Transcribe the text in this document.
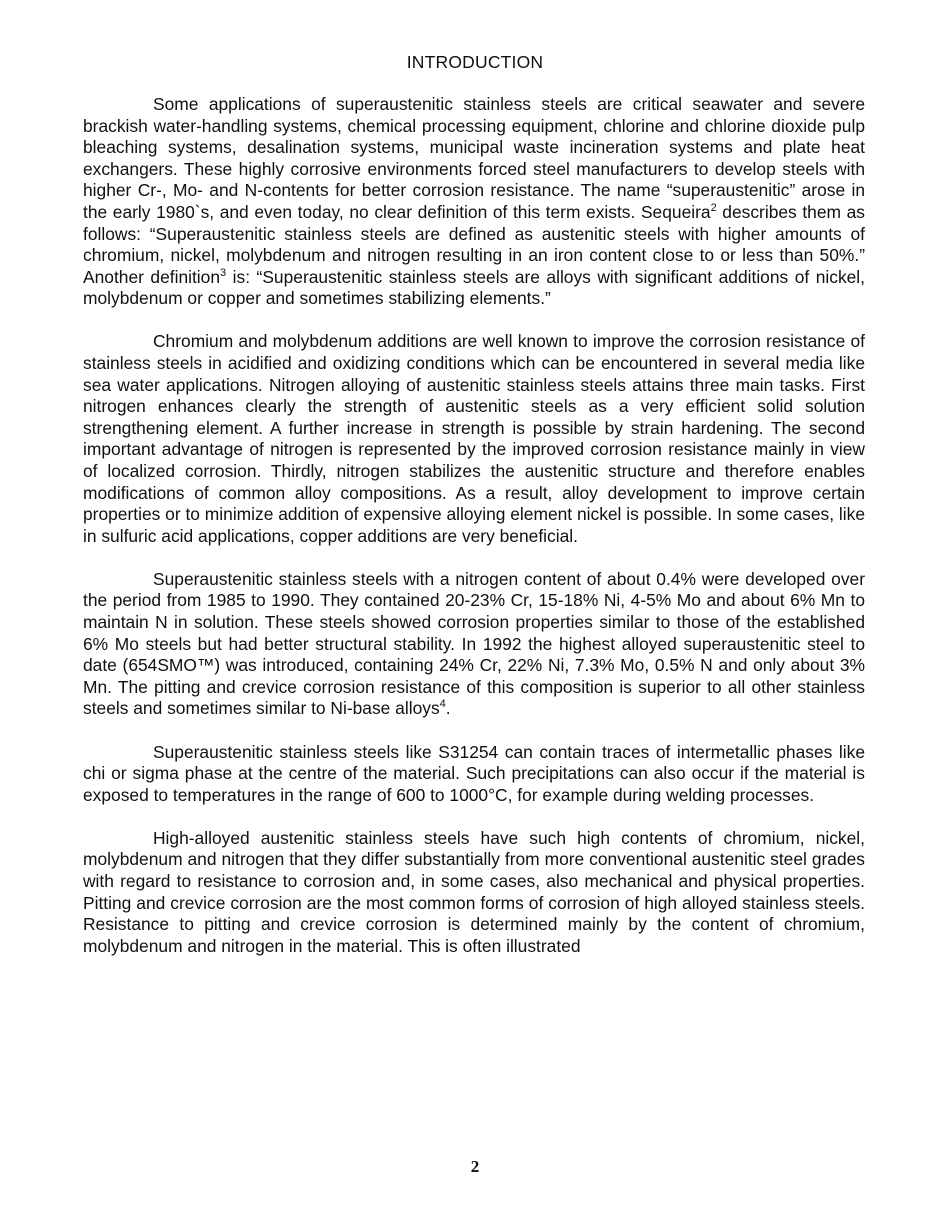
INTRODUCTION

Some applications of superaustenitic stainless steels are critical seawater and severe brackish water-handling systems, chemical processing equipment, chlorine and chlorine dioxide pulp bleaching systems, desalination systems, municipal waste incineration systems and plate heat exchangers. These highly corrosive environments forced steel manufacturers to develop steels with higher Cr-, Mo- and N-contents for better corrosion resistance. The name “superaustenitic” arose in the early 1980`s, and even today, no clear definition of this term exists. Sequeira$^2$ describes them as follows: “Superaustenitic stainless steels are defined as austenitic steels with higher amounts of chromium, nickel, molybdenum and nitrogen resulting in an iron content close to or less than 50%.” Another definition$^3$ is: “Superaustenitic stainless steels are alloys with significant additions of nickel, molybdenum or copper and sometimes stabilizing elements.”

Chromium and molybdenum additions are well known to improve the corrosion resistance of stainless steels in acidified and oxidizing conditions which can be encountered in several media like sea water applications. Nitrogen alloying of austenitic stainless steels attains three main tasks. First nitrogen enhances clearly the strength of austenitic steels as a very efficient solid solution strengthening element. A further increase in strength is possible by strain hardening. The second important advantage of nitrogen is represented by the improved corrosion resistance mainly in view of localized corrosion. Thirdly, nitrogen stabilizes the austenitic structure and therefore enables modifications of common alloy compositions. As a result, alloy development to improve certain properties or to minimize addition of expensive alloying element nickel is possible. In some cases, like in sulfuric acid applications, copper additions are very beneficial.

Superaustenitic stainless steels with a nitrogen content of about 0.4% were developed over the period from 1985 to 1990. They contained 20-23% Cr, 15-18% Ni, 4-5% Mo and about 6% Mn to maintain N in solution. These steels showed corrosion properties similar to those of the established 6% Mo steels but had better structural stability. In 1992 the highest alloyed superaustenitic steel to date (654SMO™) was introduced, containing 24% Cr, 22% Ni, 7.3% Mo, 0.5% N and only about 3% Mn. The pitting and crevice corrosion resistance of this composition is superior to all other stainless steels and sometimes similar to Ni-base alloys$^4$.

Superaustenitic stainless steels like S31254 can contain traces of intermetallic phases like chi or sigma phase at the centre of the material. Such precipitations can also occur if the material is exposed to temperatures in the range of 600 to 1000°C, for example during welding processes.

High-alloyed austenitic stainless steels have such high contents of chromium, nickel, molybdenum and nitrogen that they differ substantially from more conventional austenitic steel grades with regard to resistance to corrosion and, in some cases, also mechanical and physical properties. Pitting and crevice corrosion are the most common forms of corrosion of high alloyed stainless steels. Resistance to pitting and crevice corrosion is determined mainly by the content of chromium, molybdenum and nitrogen in the material. This is often illustrated

2
